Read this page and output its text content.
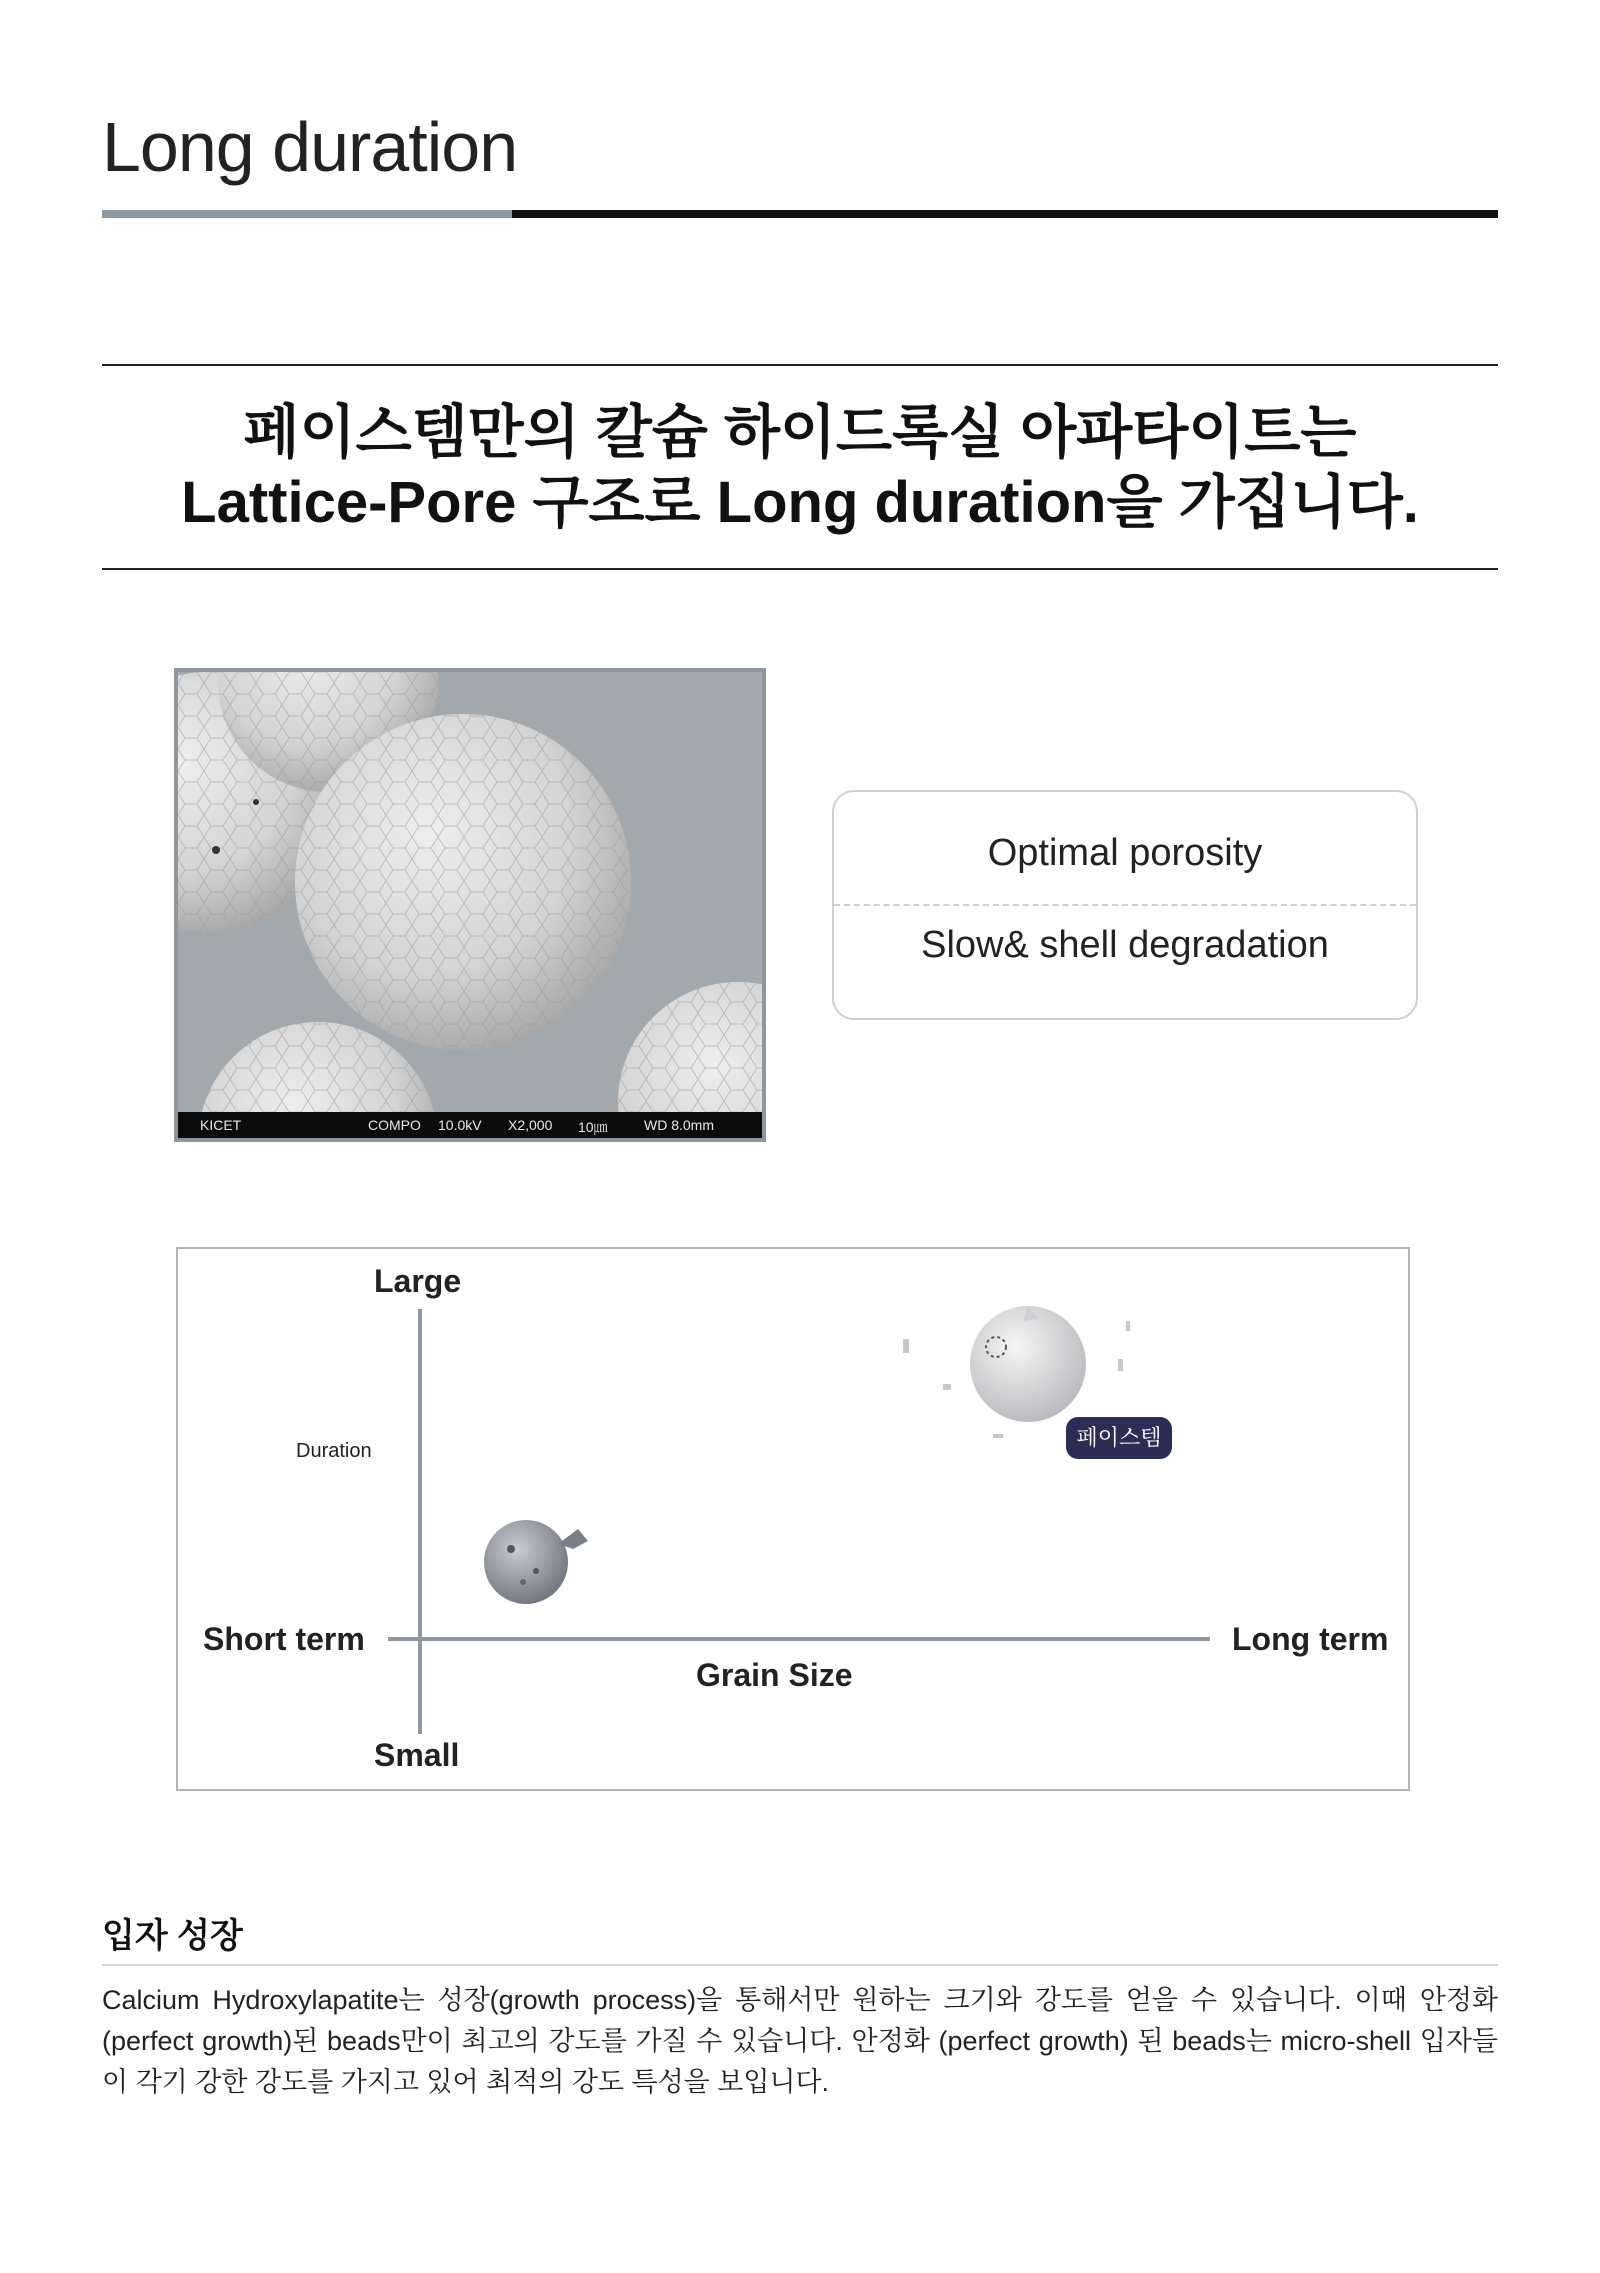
Long duration
페이스템만의 칼슘 하이드록실 아파타이트는
Lattice-Pore 구조로 Long duration을 가집니다.
KICET	COMPO 10.0kV X2,000 10㎛	WD 8.0mm
Optimal porosity
Slow& shell degradation
Large
Duration
Short term	Long term
Grain Size
Small
페이스템
입자 성장
Calcium Hydroxylapatite는 성장(growth process)을 통해서만 원하는 크기와 강도를 얻을 수 있습니다. 이때 안정화(perfect growth)된 beads만이 최고의 강도를 가질 수 있습니다. 안정화 (perfect growth) 된 beads는 micro-shell 입자들이 각기 강한 강도를 가지고 있어 최적의 강도 특성을 보입니다.
